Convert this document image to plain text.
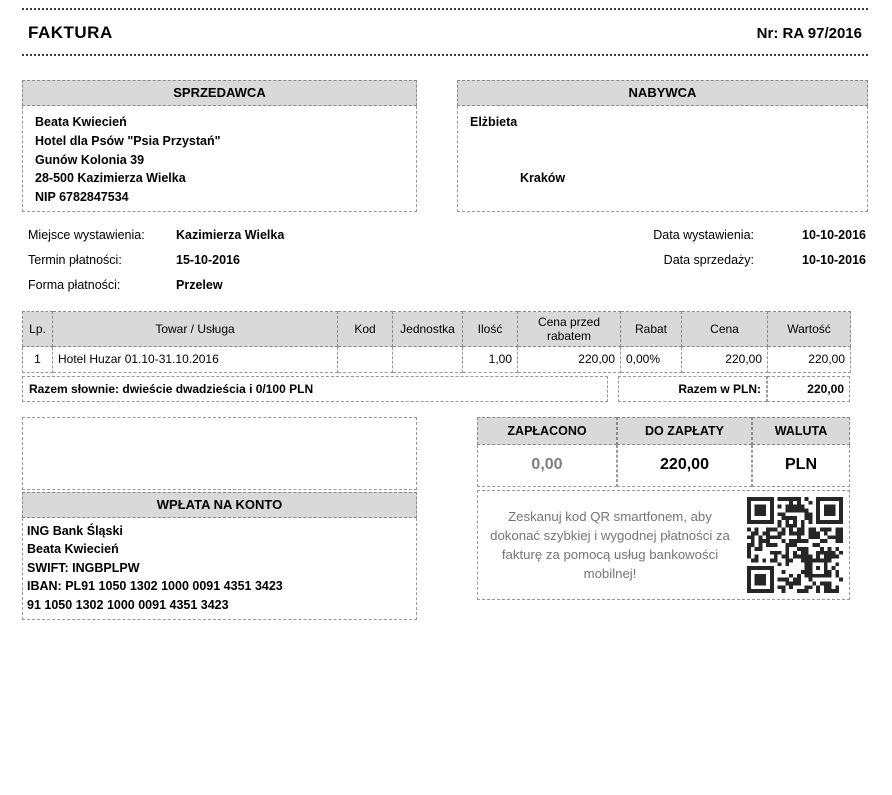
FAKTURA	Nr: RA 97/2016
SPRZEDAWCA
Beata Kwiecień
Hotel dla Psów "Psia Przystań"
Gunów Kolonia 39
28-500 Kazimierza Wielka
NIP 6782847534
NABYWCA
Elżbieta
Kraków
Miejsce wystawienia:	Kazimierza Wielka
Termin płatności:	15-10-2016
Forma płatności:	Przelew
Data wystawienia:	10-10-2016
Data sprzedaży:	10-10-2016
Lp.	Towar / Usługa	Kod	Jednostka	Ilość	Cena przed rabatem	Rabat	Cena	Wartość
1	Hotel Huzar 01.10-31.10.2016			1,00	220,00	0,00%	220,00	220,00
Razem słownie: dwieście dwadzieścia i 0/100 PLN	Razem w PLN:	220,00
WPŁATA NA KONTO
ING Bank Śląski
Beata Kwiecień
SWIFT: INGBPLPW
IBAN: PL91 1050 1302 1000 0091 4351 3423
91 1050 1302 1000 0091 4351 3423
ZAPŁACONO	DO ZAPŁATY	WALUTA
0,00	220,00	PLN
Zeskanuj kod QR smartfonem, aby dokonać szybkiej i wygodnej płatności za fakturę za pomocą usług bankowości mobilnej!
